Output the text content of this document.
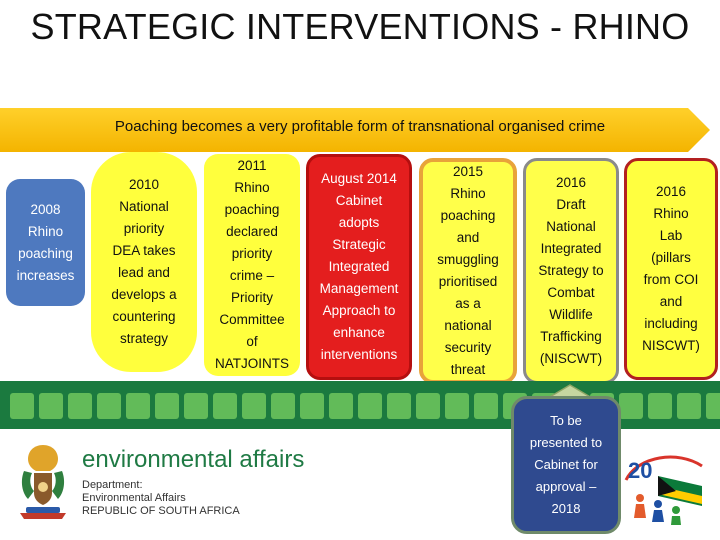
STRATEGIC INTERVENTIONS - RHINO
Poaching becomes a very profitable form of transnational organised crime
2008
Rhino
poaching
increases
2010
National
priority
DEA takes
lead and
develops a
countering
strategy
2011
Rhino
poaching
declared
priority
crime –
Priority
Committee
of
NATJOINTS
August 2014
Cabinet
adopts
Strategic
Integrated
Management
Approach to
enhance
interventions
2015
Rhino
poaching
and
smuggling
prioritised
as a
national
security
threat
2016
Draft
National
Integrated
Strategy to
Combat
Wildlife
Trafficking
(NISCWT)
2016
Rhino
Lab
(pillars
from COI
and
including
NISCWT)
To be
presented to
Cabinet for
approval –
2018
environmental affairs
Department:
Environmental Affairs
REPUBLIC OF SOUTH AFRICA
20
